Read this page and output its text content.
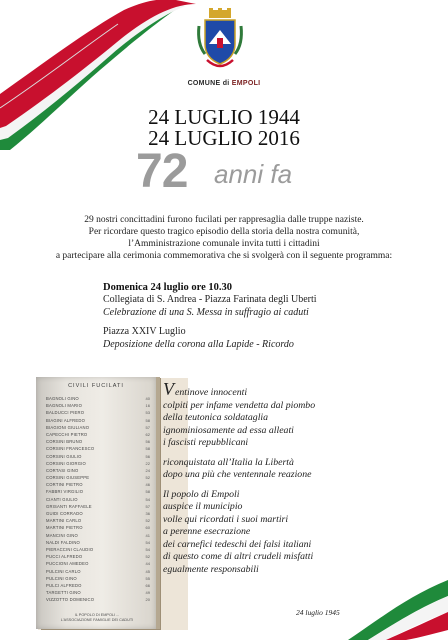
COMUNE di EMPOLI
24 LUGLIO 1944
24 LUGLIO 2016
72 anni fa
29 nostri concittadini furono fucilati per rappresaglia dalle truppe naziste.
Per ricordare questo tragico episodio della storia della nostra comunità,
l’Amministrazione comunale invita tutti i cittadini
a partecipare alla cerimonia commemorativa che si svolgerà con il seguente programma:
Domenica 24 luglio ore 10.30
Collegiata di S. Andrea - Piazza Farinata degli Uberti
Celebrazione di una S. Messa in suffragio ai caduti
Piazza XXIV Luglio
Deposizione della corona alla Lapide - Ricordo
CIVILI FUCILATI
BAGNOLI GINO	40
BAGNOLI MARIO	16
BALDUCCI PIERO	53
BIAGINI ALFREDO	58
BIAGIONI GIULIANO	57
CAPECCHI PIETRO	62
CORSINI BRUNO	56
CORSINI FRANCESCO	58
CORSINI GIULIO	56
CORSINI GIORGIO	22
CORTASI GINO	24
CORSINI GIUSEPPE	52
CORTINI PIETRO	46
FABBRI VIRGILIO	58
CIANTI GIULIO	54
GRISANTI RAFFAELE	57
GUIDI CORRADO	36
MARTINI CARLO	52
MARTINI PIETRO	60
MANCINI GINO	41
NALDI FALDINO	54
PIERACCINI CLAUDIO	54
PUCCI ALFREDO	52
PUCCIONI AMEDEO	44
PULCINI CARLO	45
PULCINI GINO	55
PULCI ALFREDO	66
TARGETTI GINO	49
VIZZOTTO DOMENICO	20
IL POPOLO DI EMPOLI ...
L'ASSOCIAZIONE FAMIGLIE DEI CADUTI
V entinove innocenti
colpiti per infame vendetta dal piombo
della teutonica soldataglia
ignominiosamente ad essa alleati
i fascisti repubblicani
riconquistata all’Italia la Libertà
dopo una più che ventennale reazione
Il popolo di Empoli
auspice il municipio
volle qui ricordati i suoi martiri
a perenne esecrazione
dei carnefici tedeschi dei falsi italiani
di questo come di altri crudeli misfatti
egualmente responsabili
24 luglio 1945
